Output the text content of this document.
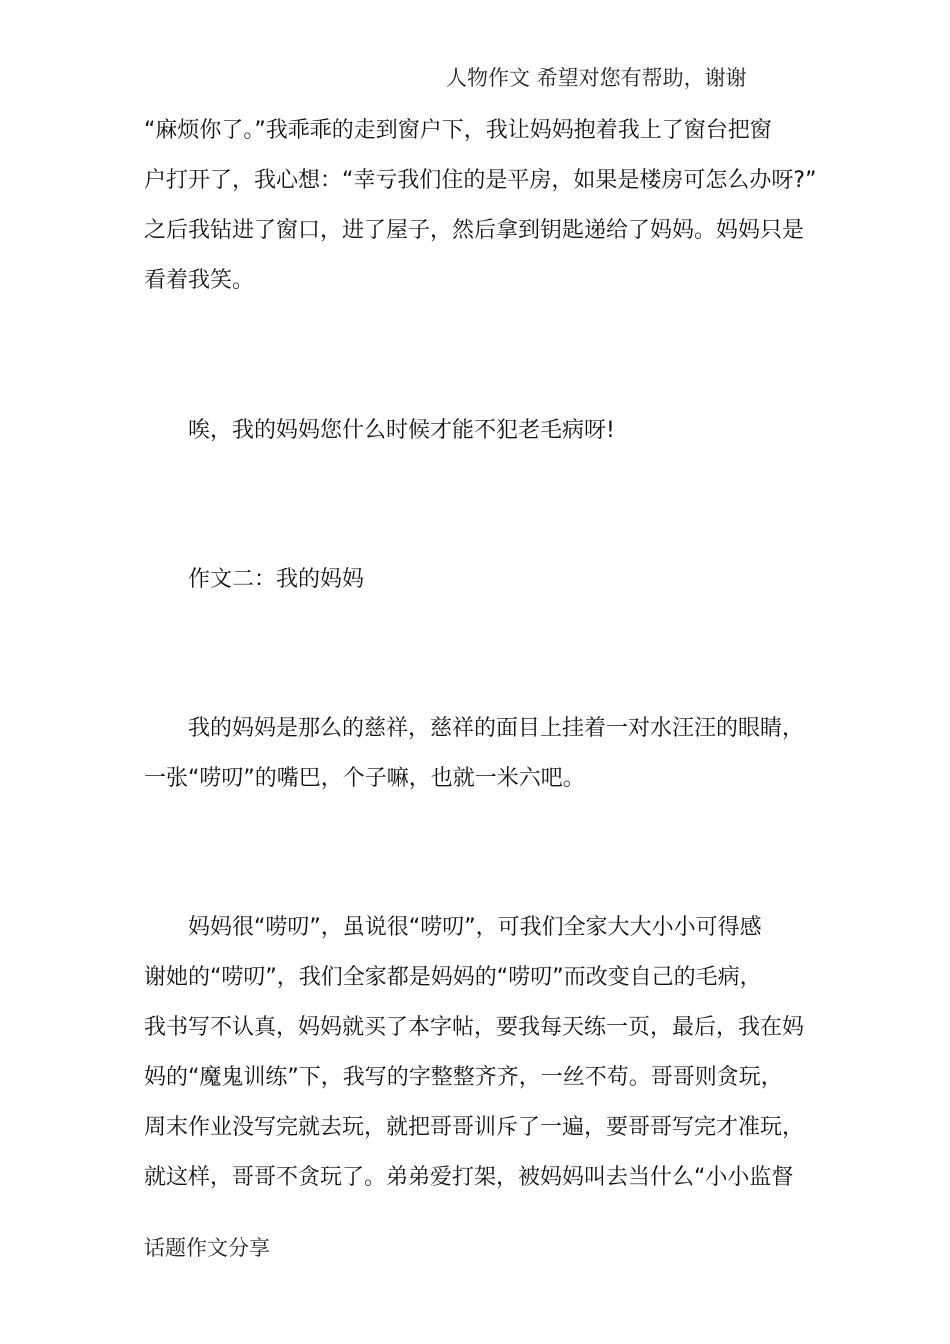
人物作文 希望对您有帮助，谢谢
“麻烦你了。”我乖乖的走到窗户下，我让妈妈抱着我上了窗台把窗
户打开了，我心想：“幸亏我们住的是平房，如果是楼房可怎么办呀?”
之后我钻进了窗口，进了屋子，然后拿到钥匙递给了妈妈。妈妈只是
看着我笑。
唉，我的妈妈您什么时候才能不犯老毛病呀!
作文二：我的妈妈
我的妈妈是那么的慈祥，慈祥的面目上挂着一对水汪汪的眼睛，
一张“唠叨”的嘴巴，个子嘛，也就一米六吧。
妈妈很“唠叨”，虽说很“唠叨”，可我们全家大大小小可得感
谢她的“唠叨”，我们全家都是妈妈的“唠叨”而改变自己的毛病，
我书写不认真，妈妈就买了本字帖，要我每天练一页，最后，我在妈
妈的“魔鬼训练”下，我写的字整整齐齐，一丝不苟。哥哥则贪玩，
周末作业没写完就去玩，就把哥哥训斥了一遍，要哥哥写完才准玩，
就这样，哥哥不贪玩了。弟弟爱打架，被妈妈叫去当什么“小小监督
话题作文分享
